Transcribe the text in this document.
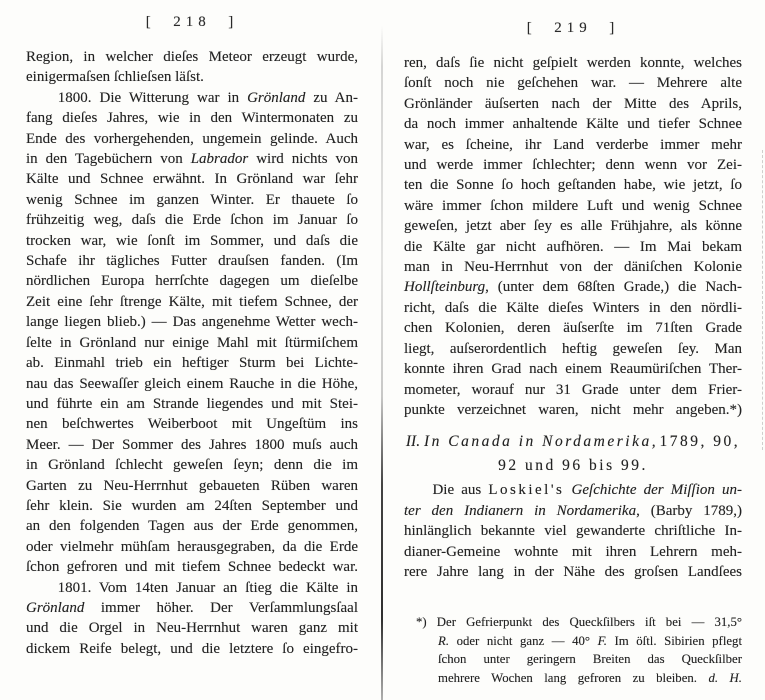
[  218  ]
Region, in welcher dieſes Meteor erzeugt wurde,
einigermaſsen ſchlieſsen läſst.
1800. Die Witterung war in Grönland zu An-
fang dieſes Jahres, wie in den Wintermonaten zu
Ende des vorhergehenden, ungemein gelinde. Auch
in den Tagebüchern von Labrador wird nichts von
Kälte und Schnee erwähnt. In Grönland war ſehr
wenig Schnee im ganzen Winter. Er thauete ſo
frühzeitig weg, daſs die Erde ſchon im Januar ſo
trocken war, wie ſonſt im Sommer, und daſs die
Schafe ihr tägliches Futter drauſsen fanden. (Im
nördlichen Europa herrſchte dagegen um dieſelbe
Zeit eine ſehr ſtrenge Kälte, mit tiefem Schnee, der
lange liegen blieb.) — Das angenehme Wetter wech-
ſelte in Grönland nur einige Mahl mit ſtürmiſchem
ab. Einmahl trieb ein heftiger Sturm bei Lichte-
nau das Seewaſſer gleich einem Rauche in die Höhe,
und führte ein am Strande liegendes und mit Stei-
nen beſchwertes Weiberboot mit Ungeſtüm ins
Meer. — Der Sommer des Jahres 1800 muſs auch
in Grönland ſchlecht geweſen ſeyn; denn die im
Garten zu Neu-Herrnhut gebaueten Rüben waren
ſehr klein. Sie wurden am 24ſten September und
an den folgenden Tagen aus der Erde genommen,
oder vielmehr mühſam herausgegraben, da die Erde
ſchon gefroren und mit tiefem Schnee bedeckt war.
1801. Vom 14ten Januar an ſtieg die Kälte in
Grönland immer höher. Der Verſammlungsſaal
und die Orgel in Neu-Herrnhut waren ganz mit
dickem Reife belegt, und die letztere ſo eingefro-
[  219  ]
ren, daſs ſie nicht geſpielt werden konnte, welches
ſonſt noch nie geſchehen war. — Mehrere alte
Grönländer äuſserten nach der Mitte des Aprils,
da noch immer anhaltende Kälte und tiefer Schnee
war, es ſcheine, ihr Land verderbe immer mehr
und werde immer ſchlechter; denn wenn vor Zei-
ten die Sonne ſo hoch geſtanden habe, wie jetzt, ſo
wäre immer ſchon mildere Luft und wenig Schnee
geweſen, jetzt aber ſey es alle Frühjahre, als könne
die Kälte gar nicht aufhören. — Im Mai bekam
man in Neu-Herrnhut von der däniſchen Kolonie
Hollſteinburg, (unter dem 68ſten Grade,) die Nach-
richt, daſs die Kälte dieſes Winters in den nördli-
chen Kolonien, deren äuſserſte im 71ſten Grade
liegt, auſserordentlich heftig geweſen ſey. Man
konnte ihren Grad nach einem Reaumüriſchen Ther-
mometer, worauf nur 31 Grade unter dem Frier-
punkte verzeichnet waren, nicht mehr angeben.*)
II. In Canada in Nordamerika, 1789, 90,
92 und 96 bis 99.
Die aus Loskiel's Geſchichte der Miſſion un-
ter den Indianern in Nordamerika, (Barby 1789,)
hinlänglich bekannte viel gewanderte chriſtliche In-
dianer-Gemeine wohnte mit ihren Lehrern meh-
rere Jahre lang in der Nähe des groſsen Landſees
*) Der Gefrierpunkt des Queckſilbers iſt bei — 31,5°
R. oder nicht ganz — 40° F. Im öſtl. Sibirien pflegt
ſchon unter geringern Breiten das Queckſilber
mehrere Wochen lang gefroren zu bleiben. d. H.
